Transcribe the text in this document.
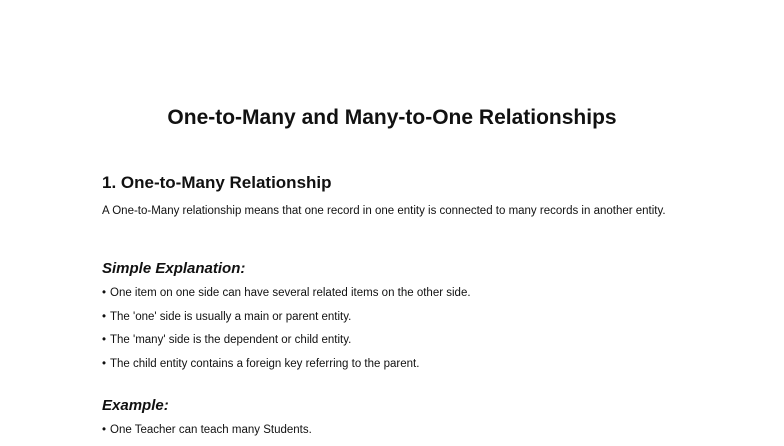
One-to-Many and Many-to-One Relationships
1. One-to-Many Relationship
A One-to-Many relationship means that one record in one entity is connected to many records in another entity.
Simple Explanation:
• One item on one side can have several related items on the other side.
• The 'one' side is usually a main or parent entity.
• The 'many' side is the dependent or child entity.
• The child entity contains a foreign key referring to the parent.
Example:
• One Teacher can teach many Students.
